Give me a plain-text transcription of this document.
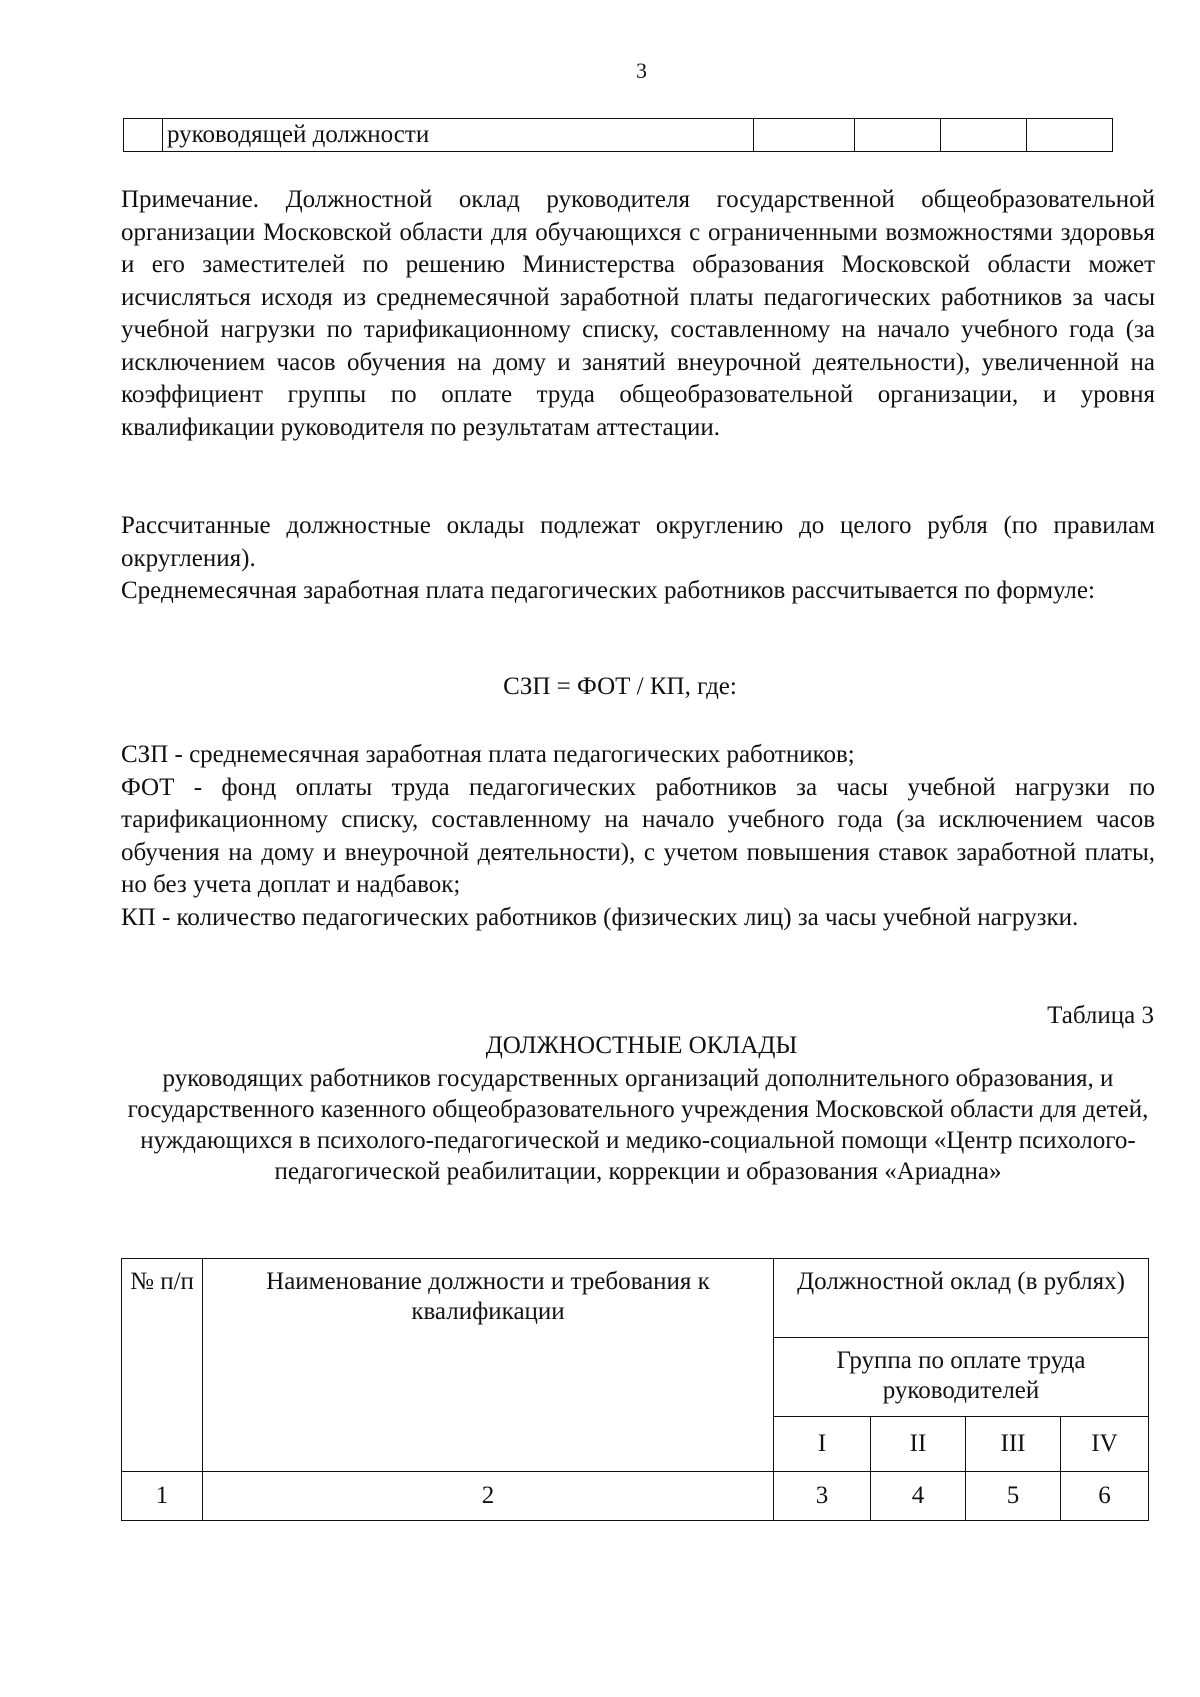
3
	руководящей должности				

Примечание. Должностной оклад руководителя государственной общеобразовательной организации Московской области для обучающихся с ограниченными возможностями здоровья и его заместителей по решению Министерства образования Московской области может исчисляться исходя из среднемесячной заработной платы педагогических работников за часы учебной нагрузки по тарификационному списку, составленному на начало учебного года (за исключением часов обучения на дому и занятий внеурочной деятельности), увеличенной на коэффициент группы по оплате труда общеобразовательной организации, и уровня квалификации руководителя по результатам аттестации.

Рассчитанные должностные оклады подлежат округлению до целого рубля (по правилам округления).

Среднемесячная заработная плата педагогических работников рассчитывается по формуле:

СЗП = ФОТ / КП, где:

СЗП - среднемесячная заработная плата педагогических работников;

ФОТ - фонд оплаты труда педагогических работников за часы учебной нагрузки по тарификационному списку, составленному на начало учебного года (за исключением часов обучения на дому и внеурочной деятельности), с учетом повышения ставок заработной платы, но без учета доплат и надбавок;

КП - количество педагогических работников (физических лиц) за часы учебной нагрузки.

Таблица 3
ДОЛЖНОСТНЫЕ ОКЛАДЫ
руководящих работников государственных организаций дополнительного образования, и государственного казенного общеобразовательного учреждения Московской области для детей, нуждающихся в психолого-педагогической и медико-социальной помощи «Центр психолого-педагогической реабилитации, коррекции и образования «Ариадна»
№ п/п	Наименование должности и требования к квалификации	Должностной оклад (в рублях)			
		Группа по оплате труда руководителей			
		I	II	III	IV
1	2	3	4	5	6
